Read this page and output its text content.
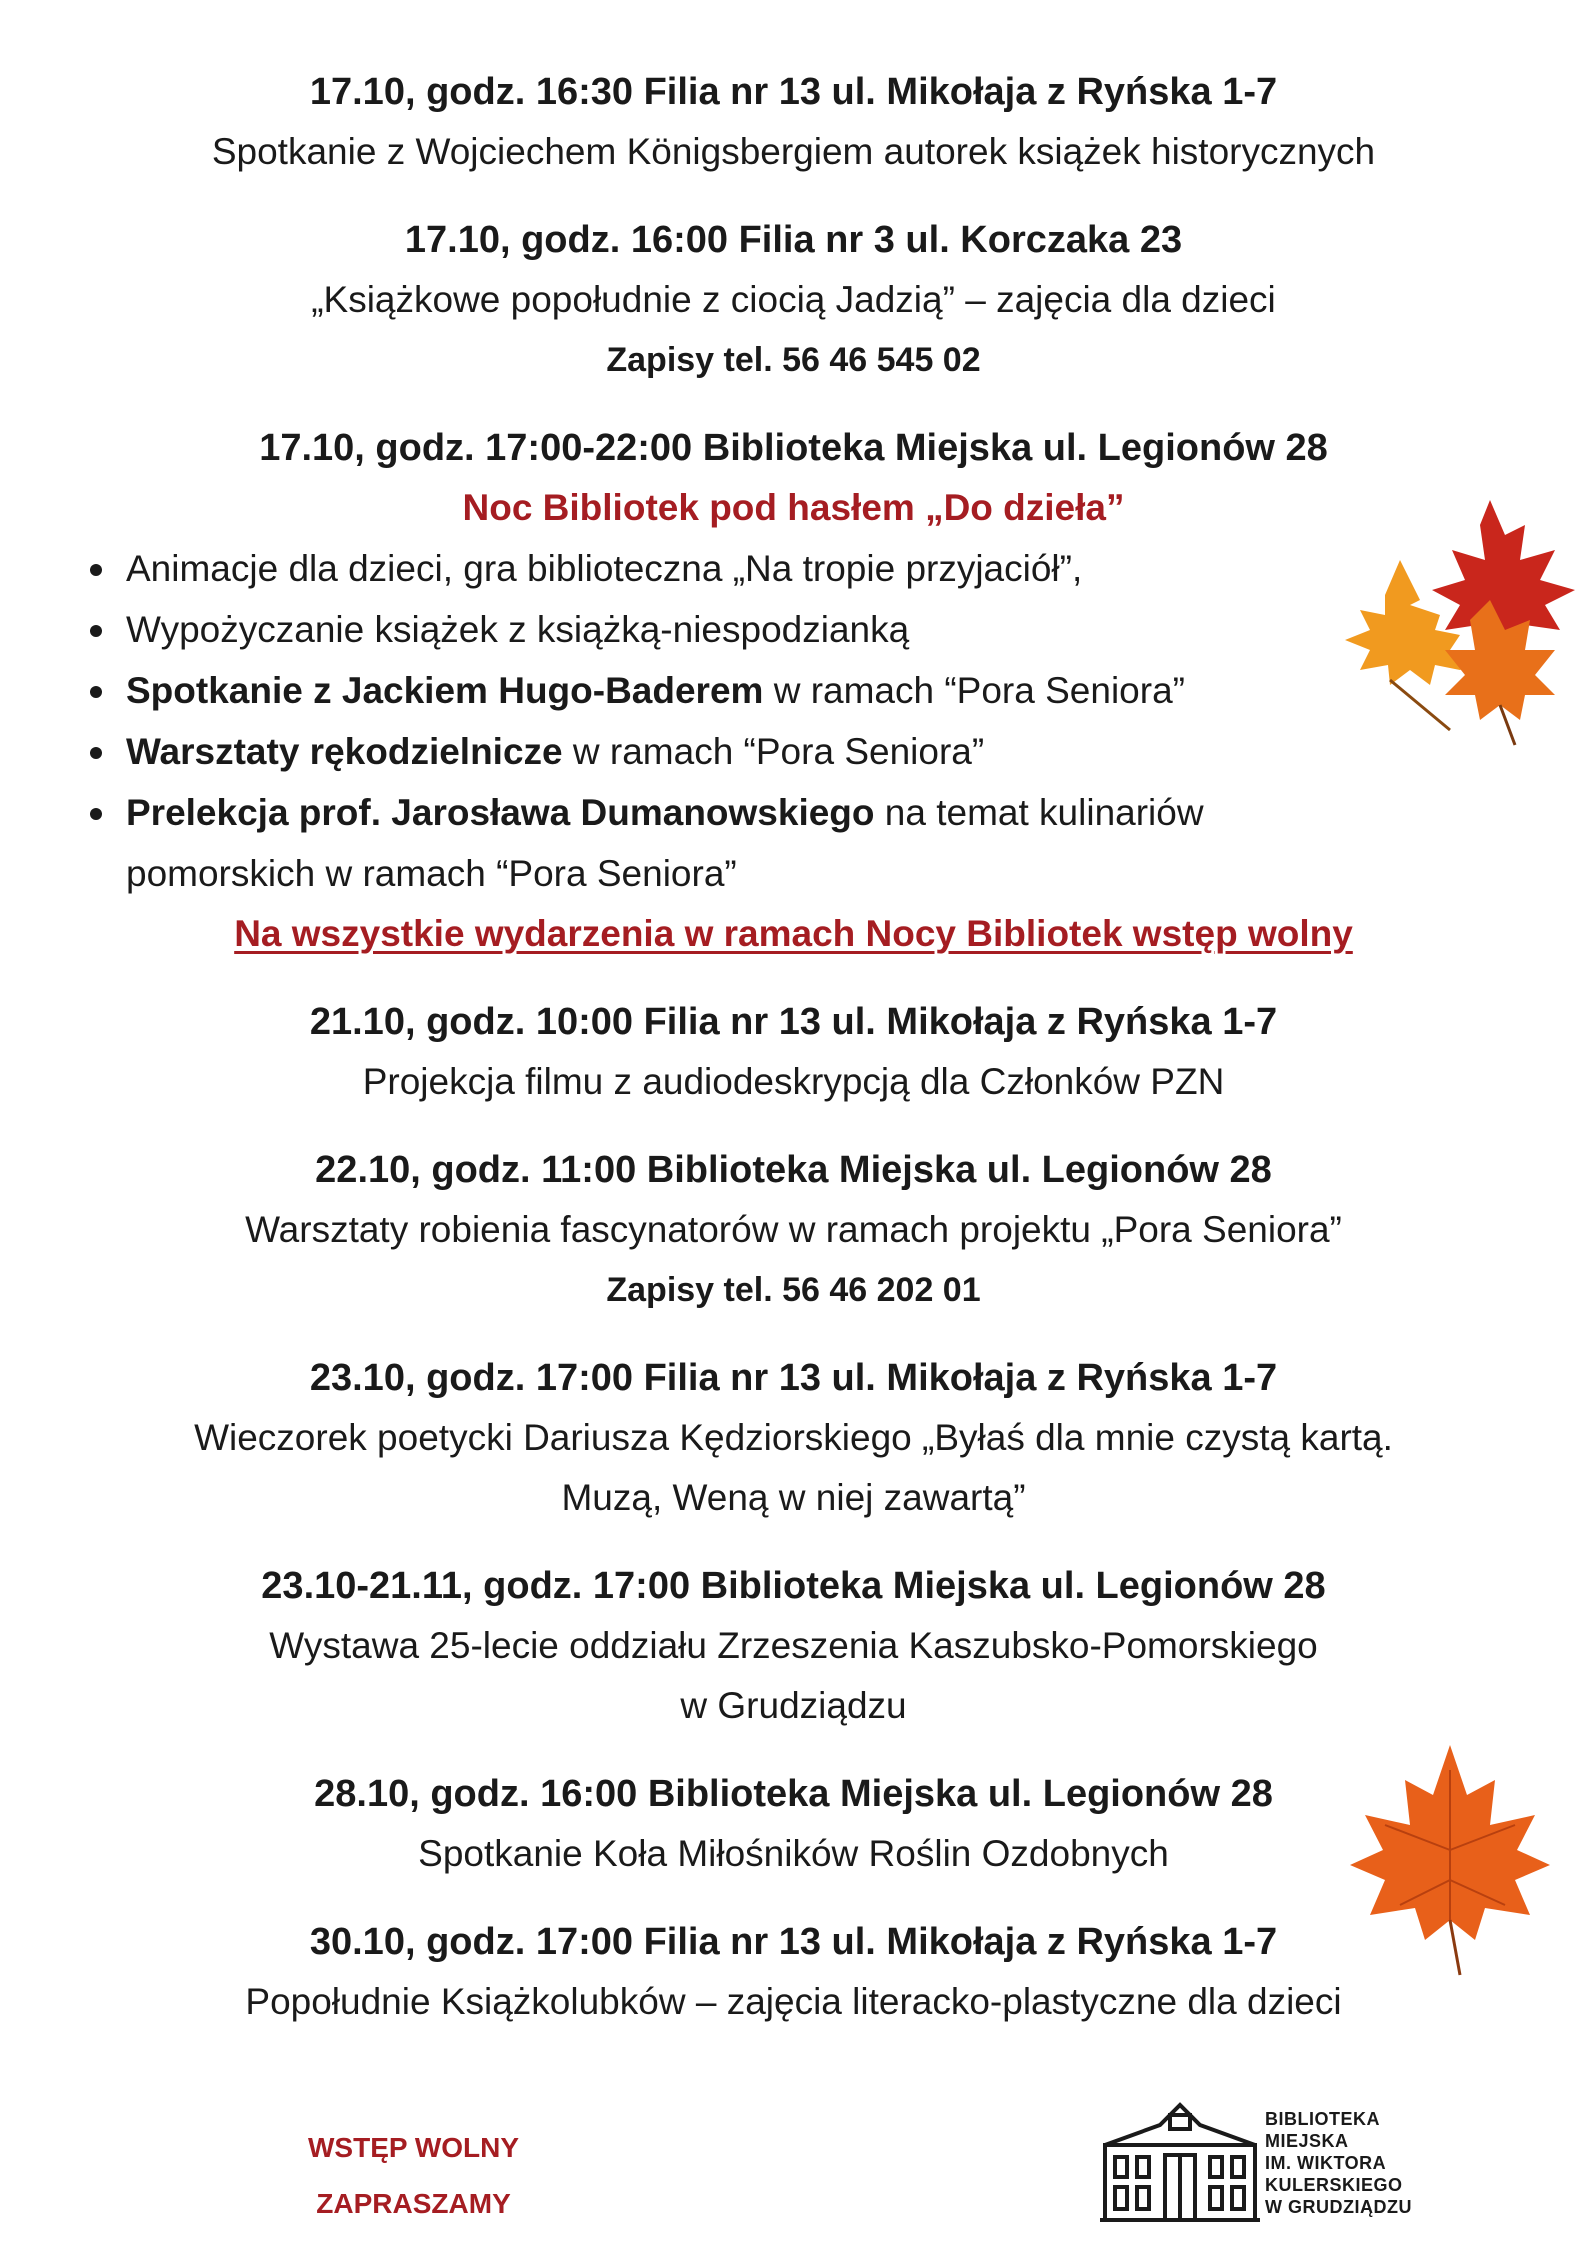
17.10, godz. 16:30 Filia nr 13 ul. Mikołaja z Ryńska 1-7
Spotkanie z Wojciechem Königsbergiem autorek książek historycznych
17.10, godz. 16:00 Filia nr 3 ul. Korczaka 23
„Książkowe popołudnie z ciocią Jadzią” – zajęcia dla dzieci
Zapisy tel. 56 46 545 02
17.10, godz. 17:00-22:00 Biblioteka Miejska ul. Legionów 28
Noc Bibliotek pod hasłem „Do dzieła”
Animacje dla dzieci, gra biblioteczna „Na tropie przyjaciół”,
Wypożyczanie książek z książką-niespodzianką
Spotkanie z Jackiem Hugo-Baderem w ramach “Pora Seniora”
Warsztaty rękodzielnicze w ramach “Pora Seniora”
Prelekcja prof. Jarosława Dumanowskiego na temat kulinariów pomorskich w ramach “Pora Seniora”
Na wszystkie wydarzenia w ramach Nocy Bibliotek wstęp wolny
21.10, godz. 10:00 Filia nr 13 ul. Mikołaja z Ryńska 1-7
Projekcja filmu z audiodeskrypcją dla Członków PZN
22.10, godz. 11:00 Biblioteka Miejska ul. Legionów 28
Warsztaty robienia fascynatorów w ramach projektu „Pora Seniora”
Zapisy tel. 56 46 202 01
23.10, godz. 17:00 Filia nr 13 ul. Mikołaja z Ryńska 1-7
Wieczorek poetycki Dariusza Kędziorskiego „Byłaś dla mnie czystą kartą.
Muzą, Weną w niej zawartą”
23.10-21.11, godz. 17:00 Biblioteka Miejska ul. Legionów 28
Wystawa 25-lecie oddziału Zrzeszenia Kaszubsko-Pomorskiego
w Grudziądzu
28.10, godz. 16:00 Biblioteka Miejska ul. Legionów 28
Spotkanie Koła Miłośników Roślin Ozdobnych
30.10, godz. 17:00 Filia nr 13 ul. Mikołaja z Ryńska 1-7
Popołudnie Książkolubków – zajęcia literacko-plastyczne dla dzieci
WSTĘP WOLNY
ZAPRASZAMY
BIBLIOTEKA
MIEJSKA
IM. WIKTORA
KULERSKIEGO
W GRUDZIĄDZU
